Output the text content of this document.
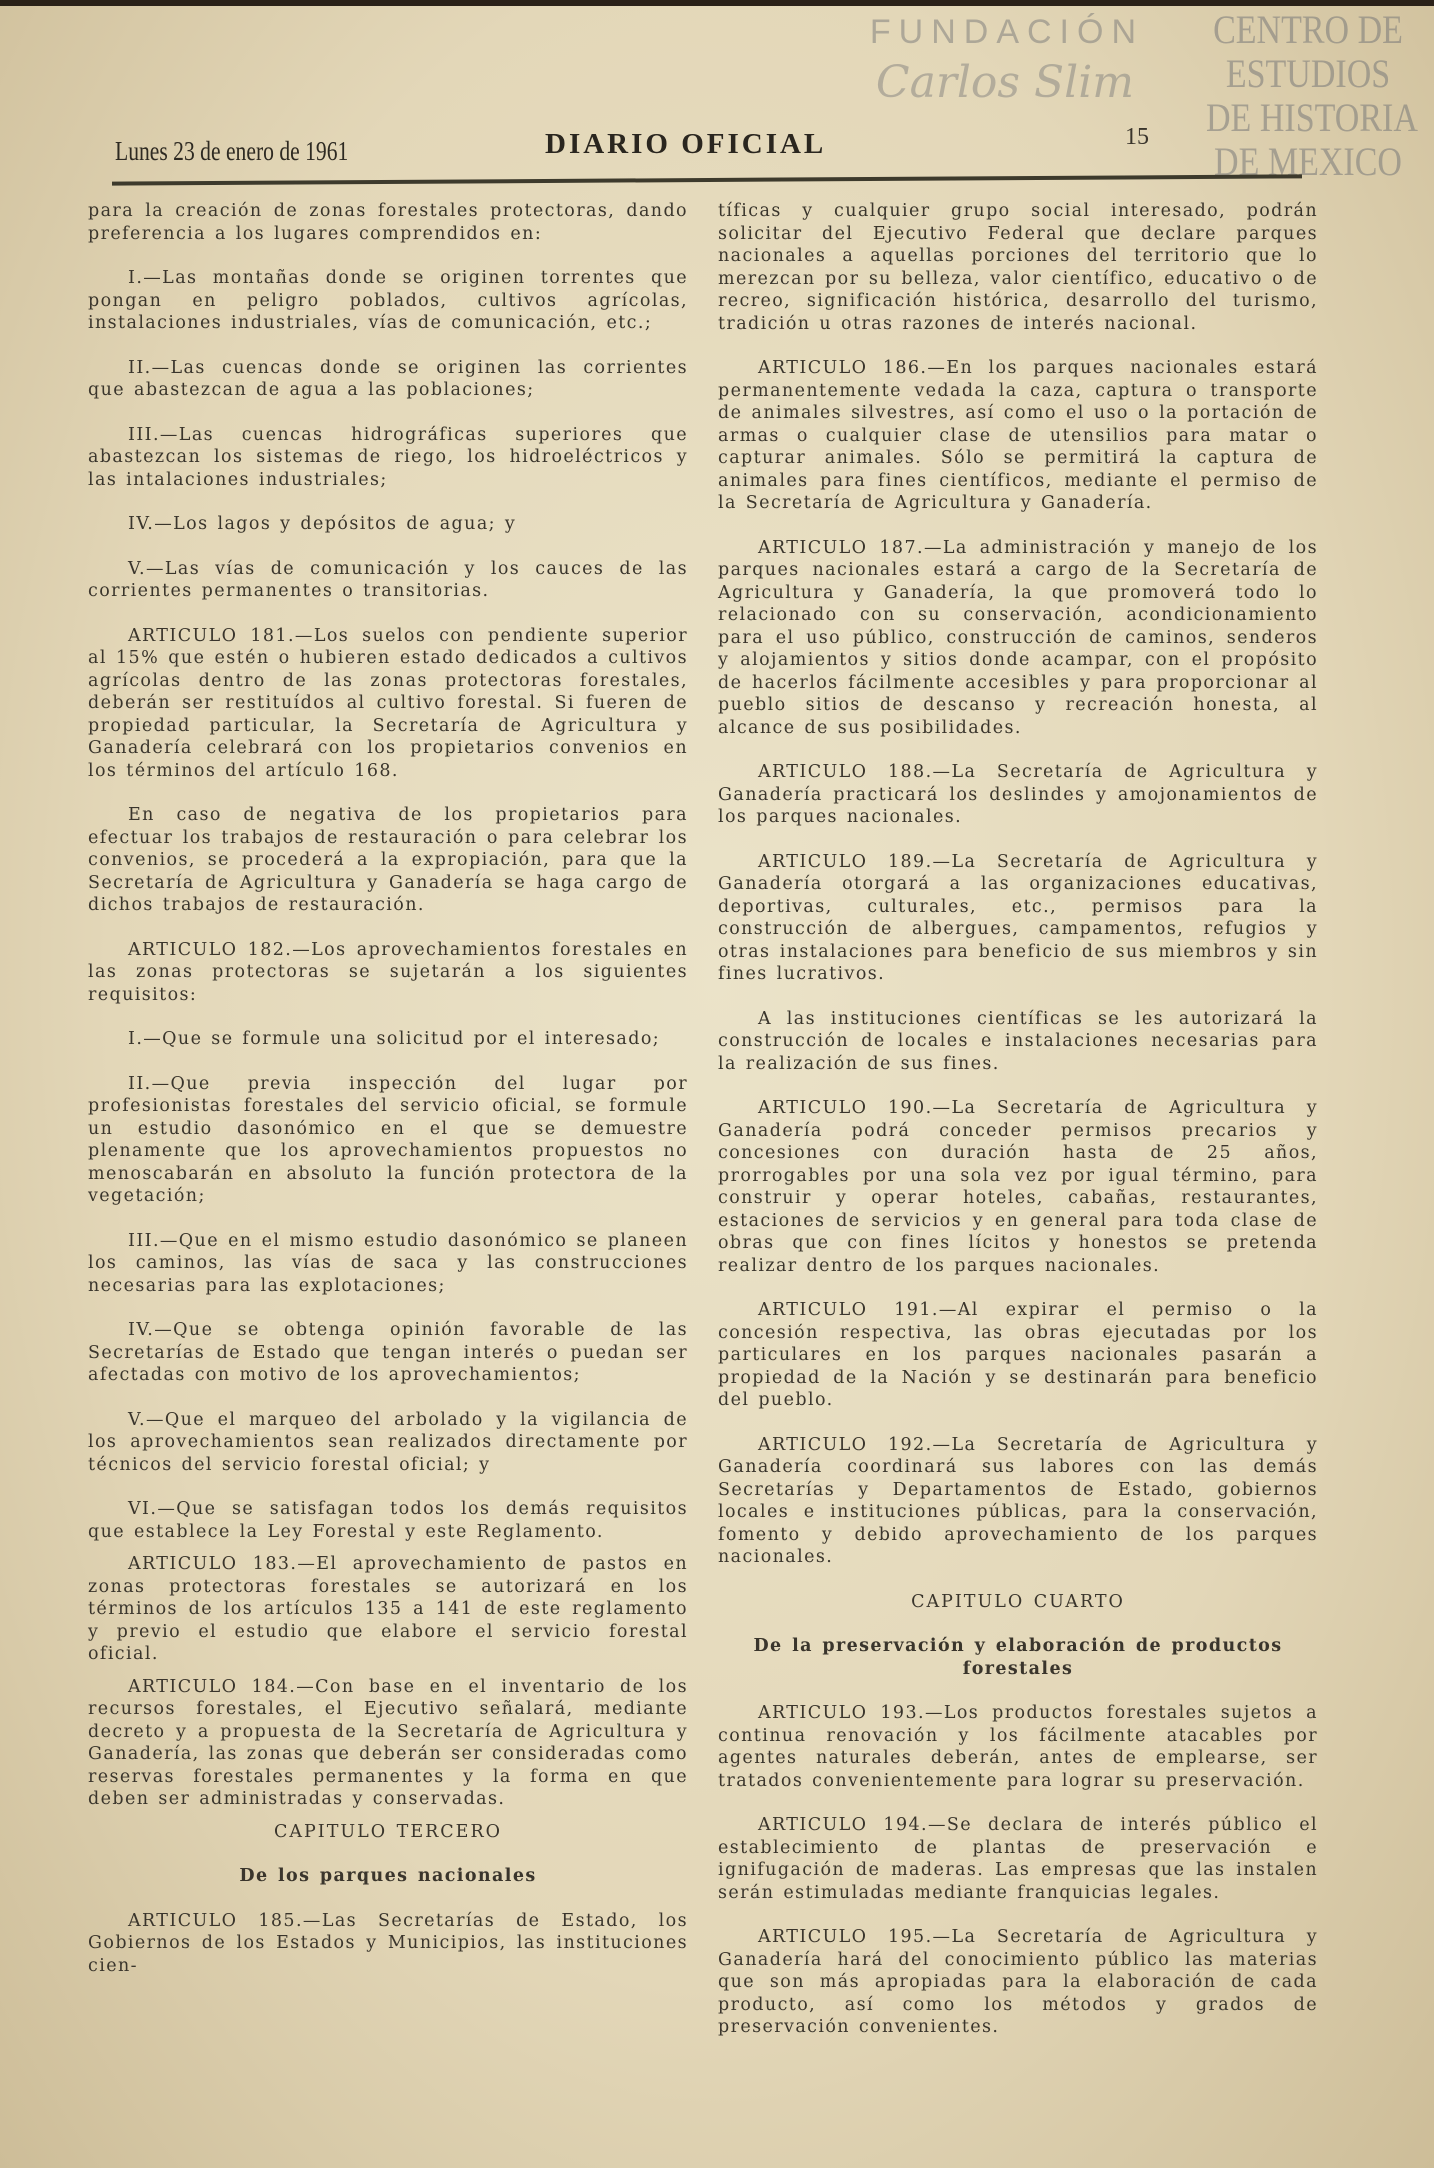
CENTRO DE
ESTUDIOS
DE HISTORIA
DE MEXICO
FUNDACIÓN
Carlos Slim
Lunes 23 de enero de 1961	DIARIO OFICIAL	15

para la creación de zonas forestales protectoras, dando preferencia a los lugares comprendidos en:

I.—Las montañas donde se originen torrentes que pongan en peligro poblados, cultivos agrícolas, instalaciones industriales, vías de comunicación, etc.;

II.—Las cuencas donde se originen las corrientes que abastezcan de agua a las poblaciones;

III.—Las cuencas hidrográficas superiores que abastezcan los sistemas de riego, los hidroeléctricos y las intalaciones industriales;

IV.—Los lagos y depósitos de agua; y

V.—Las vías de comunicación y los cauces de las corrientes permanentes o transitorias.

ARTICULO 181.—Los suelos con pendiente superior al 15% que estén o hubieren estado dedicados a cultivos agrícolas dentro de las zonas protectoras forestales, deberán ser restituídos al cultivo forestal. Si fueren de propiedad particular, la Secretaría de Agricultura y Ganadería celebrará con los propietarios convenios en los términos del artículo 168.

En caso de negativa de los propietarios para efectuar los trabajos de restauración o para celebrar los convenios, se procederá a la expropiación, para que la Secretaría de Agricultura y Ganadería se haga cargo de dichos trabajos de restauración.

ARTICULO 182.—Los aprovechamientos forestales en las zonas protectoras se sujetarán a los siguientes requisitos:

I.—Que se formule una solicitud por el interesado;

II.—Que previa inspección del lugar por profesionistas forestales del servicio oficial, se formule un estudio dasonómico en el que se demuestre plenamente que los aprovechamientos propuestos no menoscabarán en absoluto la función protectora de la vegetación;

III.—Que en el mismo estudio dasonómico se planeen los caminos, las vías de saca y las construcciones necesarias para las explotaciones;

IV.—Que se obtenga opinión favorable de las Secretarías de Estado que tengan interés o puedan ser afectadas con motivo de los aprovechamientos;

V.—Que el marqueo del arbolado y la vigilancia de los aprovechamientos sean realizados directamente por técnicos del servicio forestal oficial; y

VI.—Que se satisfagan todos los demás requisitos que establece la Ley Forestal y este Reglamento.

ARTICULO 183.—El aprovechamiento de pastos en zonas protectoras forestales se autorizará en los términos de los artículos 135 a 141 de este reglamento y previo el estudio que elabore el servicio forestal oficial.

ARTICULO 184.—Con base en el inventario de los recursos forestales, el Ejecutivo señalará, mediante decreto y a propuesta de la Secretaría de Agricultura y Ganadería, las zonas que deberán ser consideradas como reservas forestales permanentes y la forma en que deben ser administradas y conservadas.

CAPITULO TERCERO

De los parques nacionales

ARTICULO 185.—Las Secretarías de Estado, los Gobiernos de los Estados y Municipios, las instituciones cien-

tíficas y cualquier grupo social interesado, podrán solicitar del Ejecutivo Federal que declare parques nacionales a aquellas porciones del territorio que lo merezcan por su belleza, valor científico, educativo o de recreo, significación histórica, desarrollo del turismo, tradición u otras razones de interés nacional.

ARTICULO 186.—En los parques nacionales estará permanentemente vedada la caza, captura o transporte de animales silvestres, así como el uso o la portación de armas o cualquier clase de utensilios para matar o capturar animales. Sólo se permitirá la captura de animales para fines científicos, mediante el permiso de la Secretaría de Agricultura y Ganadería.

ARTICULO 187.—La administración y manejo de los parques nacionales estará a cargo de la Secretaría de Agricultura y Ganadería, la que promoverá todo lo relacionado con su conservación, acondicionamiento para el uso público, construcción de caminos, senderos y alojamientos y sitios donde acampar, con el propósito de hacerlos fácilmente accesibles y para proporcionar al pueblo sitios de descanso y recreación honesta, al alcance de sus posibilidades.

ARTICULO 188.—La Secretaría de Agricultura y Ganadería practicará los deslindes y amojonamientos de los parques nacionales.

ARTICULO 189.—La Secretaría de Agricultura y Ganadería otorgará a las organizaciones educativas, deportivas, culturales, etc., permisos para la construcción de albergues, campamentos, refugios y otras instalaciones para beneficio de sus miembros y sin fines lucrativos.

A las instituciones científicas se les autorizará la construcción de locales e instalaciones necesarias para la realización de sus fines.

ARTICULO 190.—La Secretaría de Agricultura y Ganadería podrá conceder permisos precarios y concesiones con duración hasta de 25 años, prorrogables por una sola vez por igual término, para construir y operar hoteles, cabañas, restaurantes, estaciones de servicios y en general para toda clase de obras que con fines lícitos y honestos se pretenda realizar dentro de los parques nacionales.

ARTICULO 191.—Al expirar el permiso o la concesión respectiva, las obras ejecutadas por los particulares en los parques nacionales pasarán a propiedad de la Nación y se destinarán para beneficio del pueblo.

ARTICULO 192.—La Secretaría de Agricultura y Ganadería coordinará sus labores con las demás Secretarías y Departamentos de Estado, gobiernos locales e instituciones públicas, para la conservación, fomento y debido aprovechamiento de los parques nacionales.

CAPITULO CUARTO

De la preservación y elaboración de productos forestales

ARTICULO 193.—Los productos forestales sujetos a continua renovación y los fácilmente atacables por agentes naturales deberán, antes de emplearse, ser tratados convenientemente para lograr su preservación.

ARTICULO 194.—Se declara de interés público el establecimiento de plantas de preservación e ignifugación de maderas. Las empresas que las instalen serán estimuladas mediante franquicias legales.

ARTICULO 195.—La Secretaría de Agricultura y Ganadería hará del conocimiento público las materias que son más apropiadas para la elaboración de cada producto, así como los métodos y grados de preservación convenientes.
